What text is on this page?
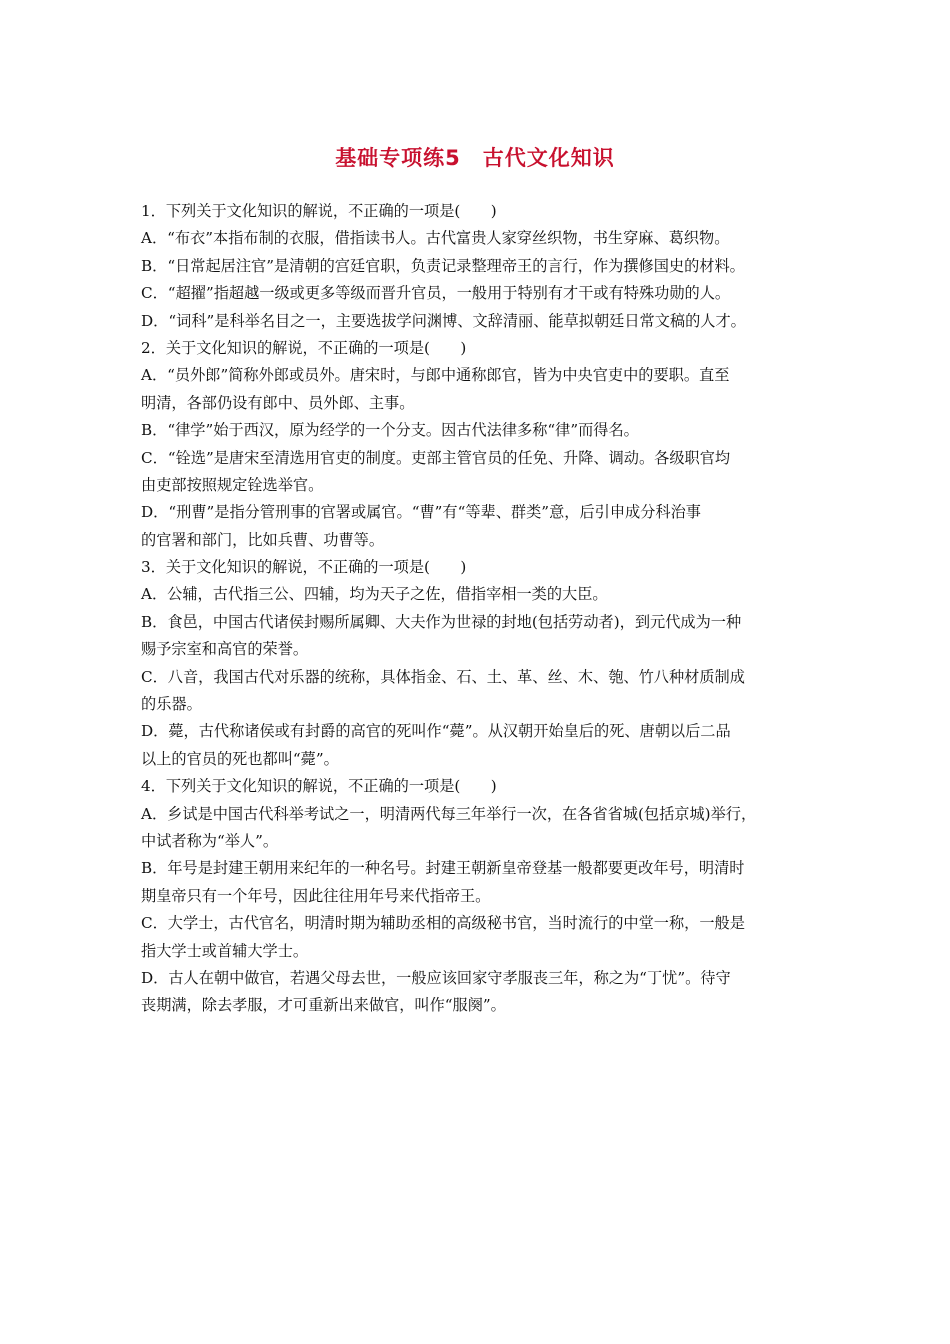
基础专项练5　古代文化知识
1．下列关于文化知识的解说，不正确的一项是(　　)
A．“布衣”本指布制的衣服，借指读书人。古代富贵人家穿丝织物，书生穿麻、葛织物。
B．“日常起居注官”是清朝的宫廷官职，负责记录整理帝王的言行，作为撰修国史的材料。
C．“超擢”指超越一级或更多等级而晋升官员，一般用于特别有才干或有特殊功勋的人。
D．“词科”是科举名目之一，主要选拔学问渊博、文辞清丽、能草拟朝廷日常文稿的人才。
2．关于文化知识的解说，不正确的一项是(　　)
A．“员外郎”简称外郎或员外。唐宋时，与郎中通称郎官，皆为中央官吏中的要职。直至
明清，各部仍设有郎中、员外郎、主事。
B．“律学”始于西汉，原为经学的一个分支。因古代法律多称“律”而得名。
C．“铨选”是唐宋至清选用官吏的制度。吏部主管官员的任免、升降、调动。各级职官均
由吏部按照规定铨选举官。
D．“刑曹”是指分管刑事的官署或属官。“曹”有“等辈、群类”意，后引申成分科治事
的官署和部门，比如兵曹、功曹等。
3．关于文化知识的解说，不正确的一项是(　　)
A．公辅，古代指三公、四辅，均为天子之佐，借指宰相一类的大臣。
B．食邑，中国古代诸侯封赐所属卿、大夫作为世禄的封地(包括劳动者)，到元代成为一种
赐予宗室和高官的荣誉。
C．八音，我国古代对乐器的统称，具体指金、石、土、革、丝、木、匏、竹八种材质制成
的乐器。
D．薨，古代称诸侯或有封爵的高官的死叫作“薨”。从汉朝开始皇后的死、唐朝以后二品
以上的官员的死也都叫“薨”。
4．下列关于文化知识的解说，不正确的一项是(　　)
A．乡试是中国古代科举考试之一，明清两代每三年举行一次，在各省省城(包括京城)举行，
中试者称为“举人”。
B．年号是封建王朝用来纪年的一种名号。封建王朝新皇帝登基一般都要更改年号，明清时
期皇帝只有一个年号，因此往往用年号来代指帝王。
C．大学士，古代官名，明清时期为辅助丞相的高级秘书官，当时流行的中堂一称，一般是
指大学士或首辅大学士。
D．古人在朝中做官，若遇父母去世，一般应该回家守孝服丧三年，称之为“丁忧”。待守
丧期满，除去孝服，才可重新出来做官，叫作“服阕”。
